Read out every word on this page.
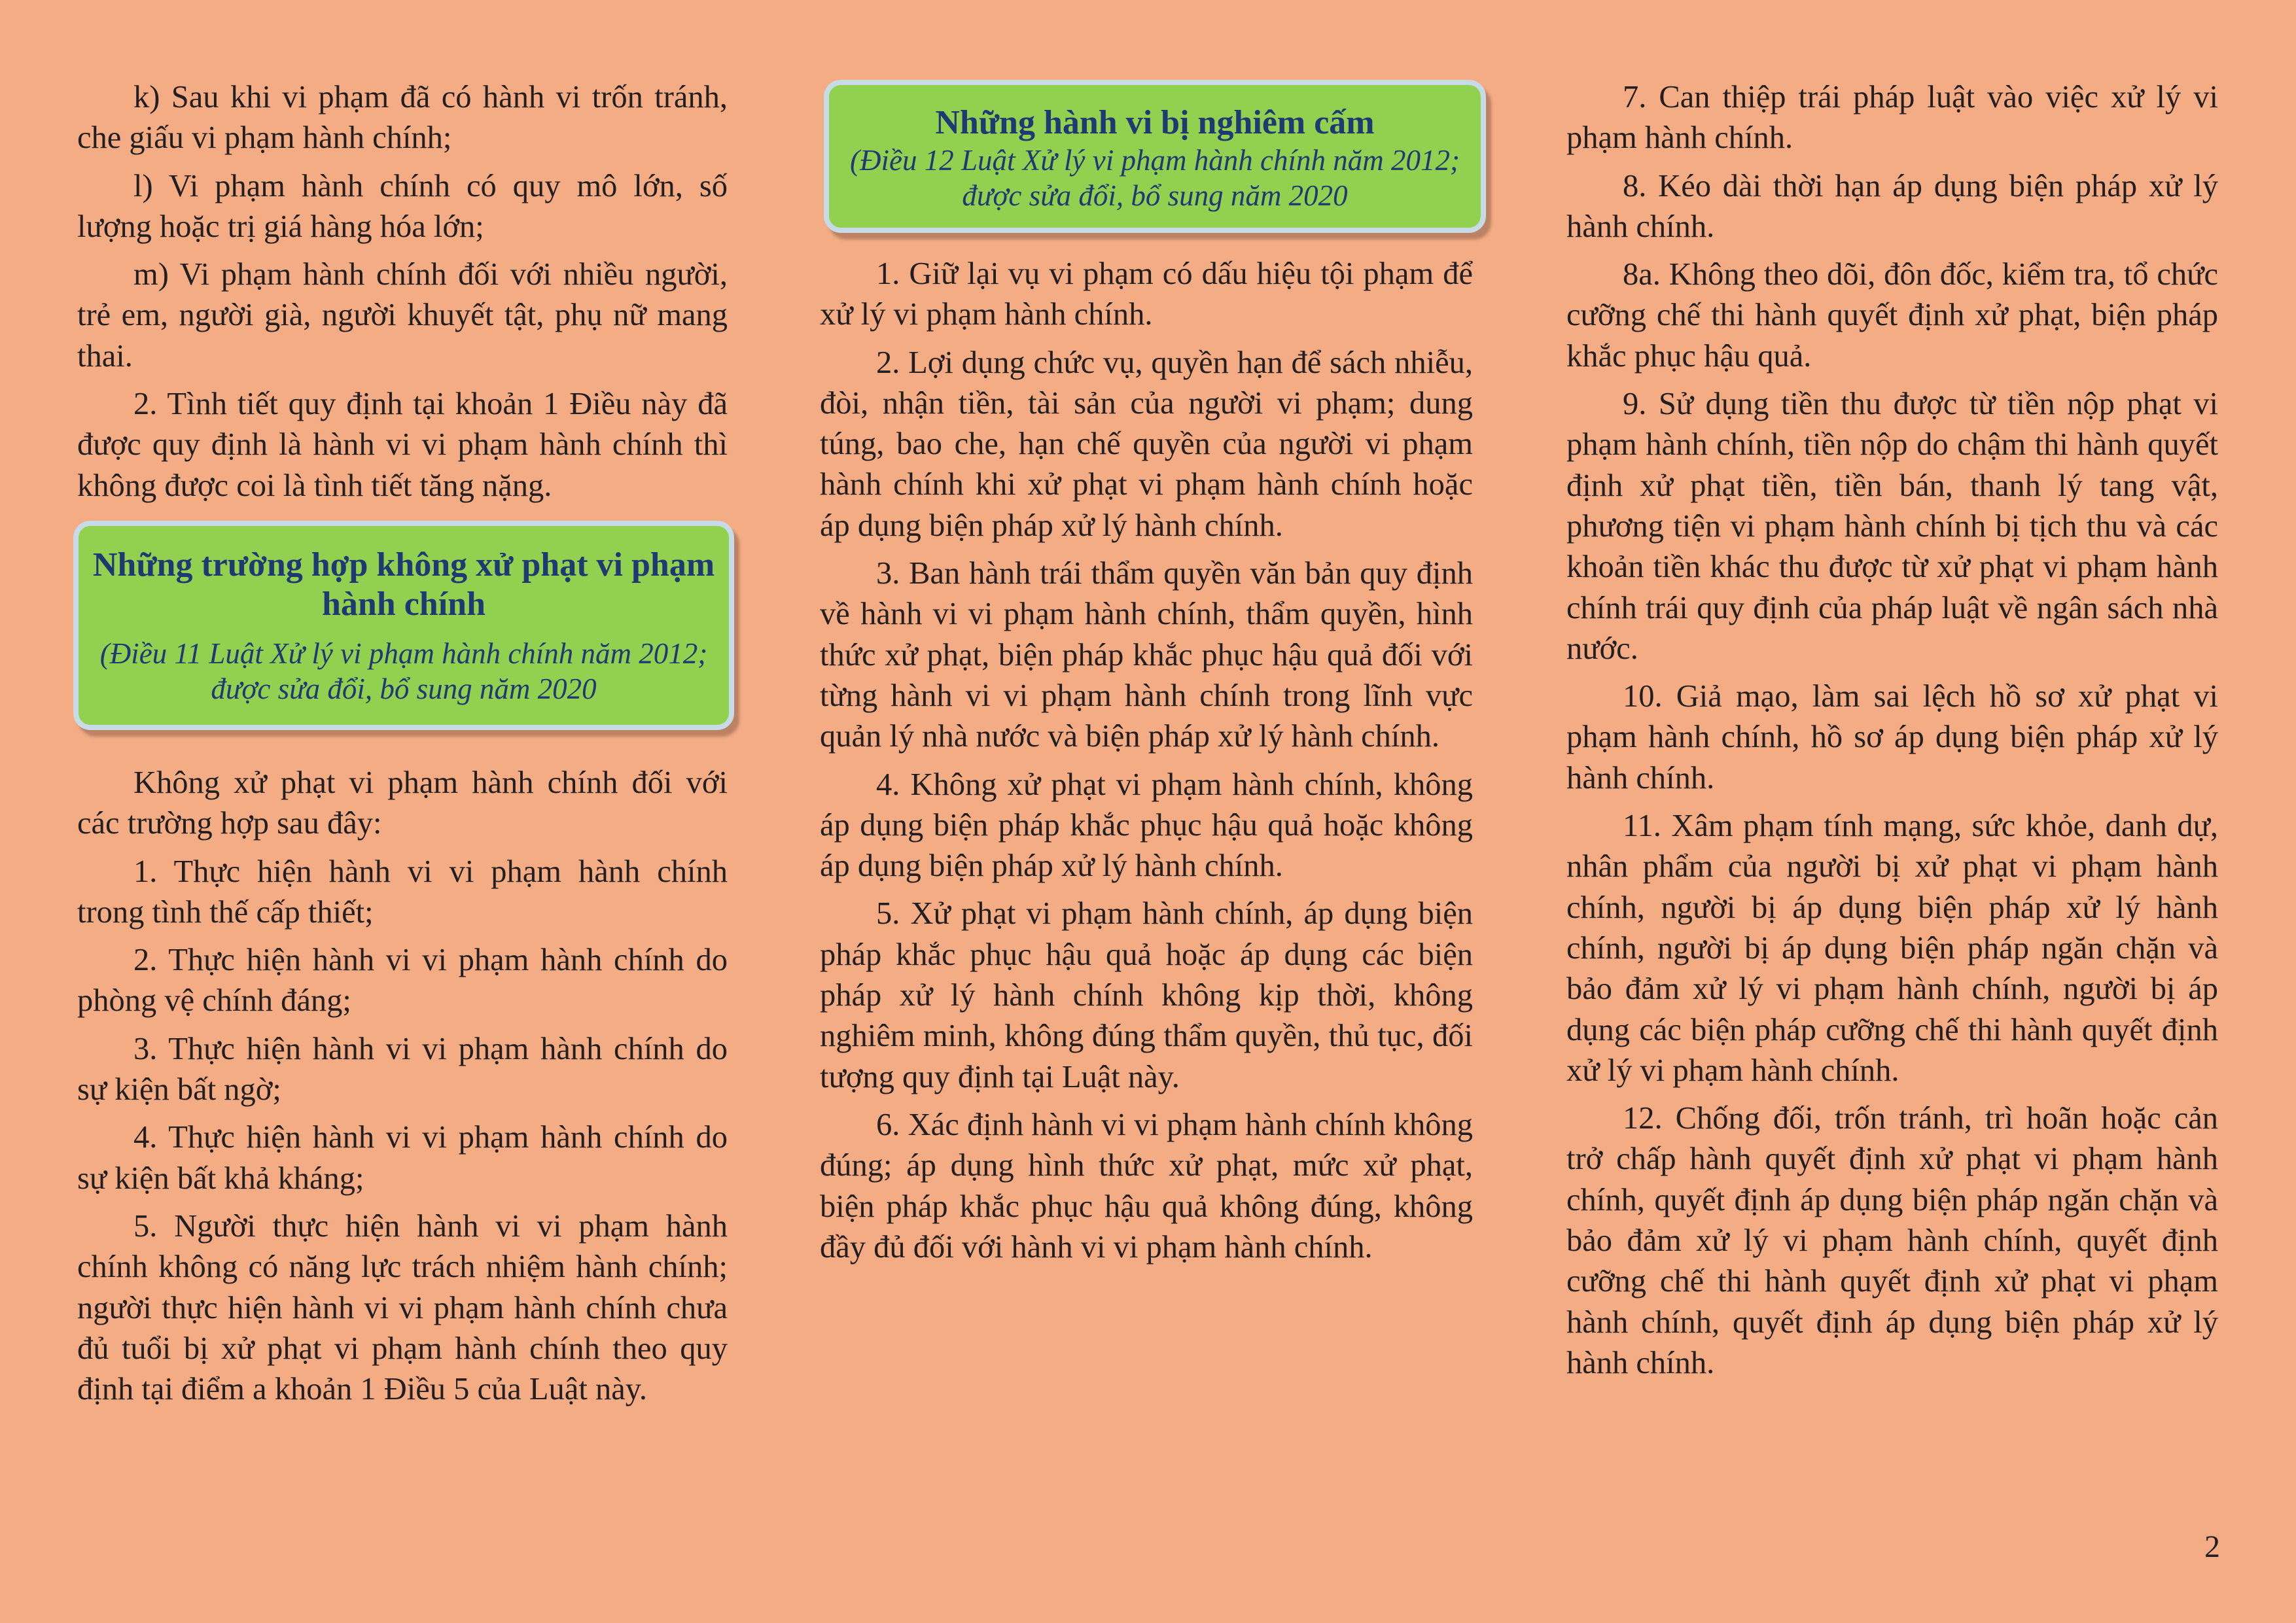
k) Sau khi vi phạm đã có hành vi trốn tránh, che giấu vi phạm hành chính;

l) Vi phạm hành chính có quy mô lớn, số lượng hoặc trị giá hàng hóa lớn;

m) Vi phạm hành chính đối với nhiều người, trẻ em, người già, người khuyết tật, phụ nữ mang thai.

2. Tình tiết quy định tại khoản 1 Điều này đã được quy định là hành vi vi phạm hành chính thì không được coi là tình tiết tăng nặng.

Những trường hợp không xử phạt vi phạm hành chính

(Điều 11 Luật Xử lý vi phạm hành chính năm 2012; được sửa đổi, bổ sung năm 2020

Không xử phạt vi phạm hành chính đối với các trường hợp sau đây:

1. Thực hiện hành vi vi phạm hành chính trong tình thế cấp thiết;

2. Thực hiện hành vi vi phạm hành chính do phòng vệ chính đáng;

3. Thực hiện hành vi vi phạm hành chính do sự kiện bất ngờ;

4. Thực hiện hành vi vi phạm hành chính do sự kiện bất khả kháng;

5. Người thực hiện hành vi vi phạm hành chính không có năng lực trách nhiệm hành chính; người thực hiện hành vi vi phạm hành chính chưa đủ tuổi bị xử phạt vi phạm hành chính theo quy định tại điểm a khoản 1 Điều 5 của Luật này.

Những hành vi bị nghiêm cấm

(Điều 12 Luật Xử lý vi phạm hành chính năm 2012; được sửa đổi, bổ sung năm 2020

1. Giữ lại vụ vi phạm có dấu hiệu tội phạm để xử lý vi phạm hành chính.

2. Lợi dụng chức vụ, quyền hạn để sách nhiễu, đòi, nhận tiền, tài sản của người vi phạm; dung túng, bao che, hạn chế quyền của người vi phạm hành chính khi xử phạt vi phạm hành chính hoặc áp dụng biện pháp xử lý hành chính.

3. Ban hành trái thẩm quyền văn bản quy định về hành vi vi phạm hành chính, thẩm quyền, hình thức xử phạt, biện pháp khắc phục hậu quả đối với từng hành vi vi phạm hành chính trong lĩnh vực quản lý nhà nước và biện pháp xử lý hành chính.

4. Không xử phạt vi phạm hành chính, không áp dụng biện pháp khắc phục hậu quả hoặc không áp dụng biện pháp xử lý hành chính.

5. Xử phạt vi phạm hành chính, áp dụng biện pháp khắc phục hậu quả hoặc áp dụng các biện pháp xử lý hành chính không kịp thời, không nghiêm minh, không đúng thẩm quyền, thủ tục, đối tượng quy định tại Luật này.

6. Xác định hành vi vi phạm hành chính không đúng; áp dụng hình thức xử phạt, mức xử phạt, biện pháp khắc phục hậu quả không đúng, không đầy đủ đối với hành vi vi phạm hành chính.

7. Can thiệp trái pháp luật vào việc xử lý vi phạm hành chính.

8. Kéo dài thời hạn áp dụng biện pháp xử lý hành chính.

8a. Không theo dõi, đôn đốc, kiểm tra, tổ chức cưỡng chế thi hành quyết định xử phạt, biện pháp khắc phục hậu quả.

9. Sử dụng tiền thu được từ tiền nộp phạt vi phạm hành chính, tiền nộp do chậm thi hành quyết định xử phạt tiền, tiền bán, thanh lý tang vật, phương tiện vi phạm hành chính bị tịch thu và các khoản tiền khác thu được từ xử phạt vi phạm hành chính trái quy định của pháp luật về ngân sách nhà nước.

10. Giả mạo, làm sai lệch hồ sơ xử phạt vi phạm hành chính, hồ sơ áp dụng biện pháp xử lý hành chính.

11. Xâm phạm tính mạng, sức khỏe, danh dự, nhân phẩm của người bị xử phạt vi phạm hành chính, người bị áp dụng biện pháp xử lý hành chính, người bị áp dụng biện pháp ngăn chặn và bảo đảm xử lý vi phạm hành chính, người bị áp dụng các biện pháp cưỡng chế thi hành quyết định xử lý vi phạm hành chính.

12. Chống đối, trốn tránh, trì hoãn hoặc cản trở chấp hành quyết định xử phạt vi phạm hành chính, quyết định áp dụng biện pháp ngăn chặn và bảo đảm xử lý vi phạm hành chính, quyết định cưỡng chế thi hành quyết định xử phạt vi phạm hành chính, quyết định áp dụng biện pháp xử lý hành chính.

2
